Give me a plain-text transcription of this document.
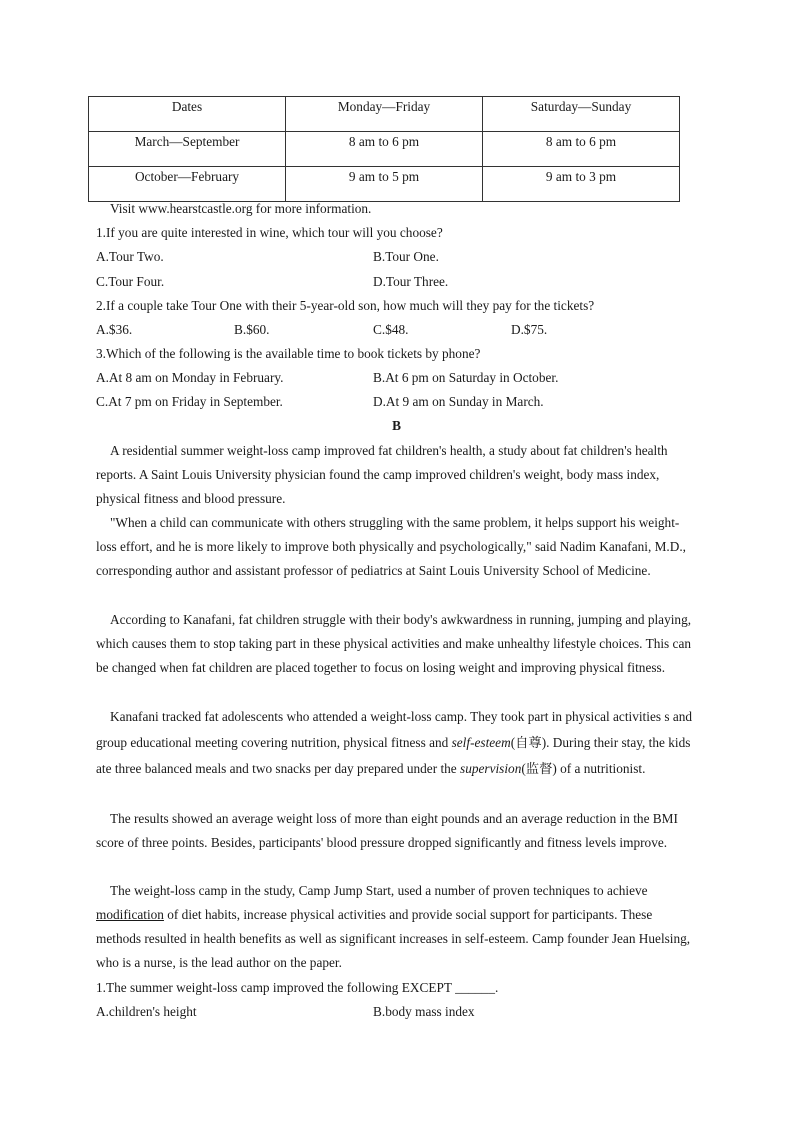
Dates	Monday—Friday	Saturday—Sunday
March—September	8 am to 6 pm	8 am to 6 pm
October—February	9 am to 5 pm	9 am to 3 pm
Visit www.hearstcastle.org for more information.
1.If you are quite interested in wine, which tour will you choose?
A.Tour Two.	B.Tour One.
C.Tour Four.	D.Tour Three.
2.If a couple take Tour One with their 5-year-old son, how much will they pay for the tickets?
A.$36.	B.$60.	C.$48.	D.$75.
3.Which of the following is the available time to book tickets by phone?
A.At 8 am on Monday in February.	B.At 6 pm on Saturday in October.
C.At 7 pm on Friday in September.	D.At 9 am on Sunday in March.
B
A residential summer weight-loss camp improved fat children's health, a study about fat children's health reports. A Saint Louis University physician found the camp improved children's weight, body mass index, physical fitness and blood pressure.
"When a child can communicate with others struggling with the same problem, it helps support his weight-loss effort, and he is more likely to improve both physically and psychologically," said Nadim Kanafani, M.D., corresponding author and assistant professor of pediatrics at Saint Louis University School of Medicine.
According to Kanafani, fat children struggle with their body's awkwardness in running, jumping and playing, which causes them to stop taking part in these physical activities and make unhealthy lifestyle choices. This can be changed when fat children are placed together to focus on losing weight and improving physical fitness.
Kanafani tracked fat adolescents who attended a weight-loss camp. They took part in physical activities s and group educational meeting covering nutrition, physical fitness and self-esteem(自尊). During their stay, the kids ate three balanced meals and two snacks per day prepared under the supervision(监督) of a nutritionist.
The results showed an average weight loss of more than eight pounds and an average reduction in the BMI score of three points. Besides, participants' blood pressure dropped significantly and fitness levels improve.
The weight-loss camp in the study, Camp Jump Start, used a number of proven techniques to achieve modification of diet habits, increase physical activities and provide social support for participants. These methods resulted in health benefits as well as significant increases in self-esteem. Camp founder Jean Huelsing, who is a nurse, is the lead author on the paper.
1.The summer weight-loss camp improved the following EXCEPT ______.
A.children's height	B.body mass index
